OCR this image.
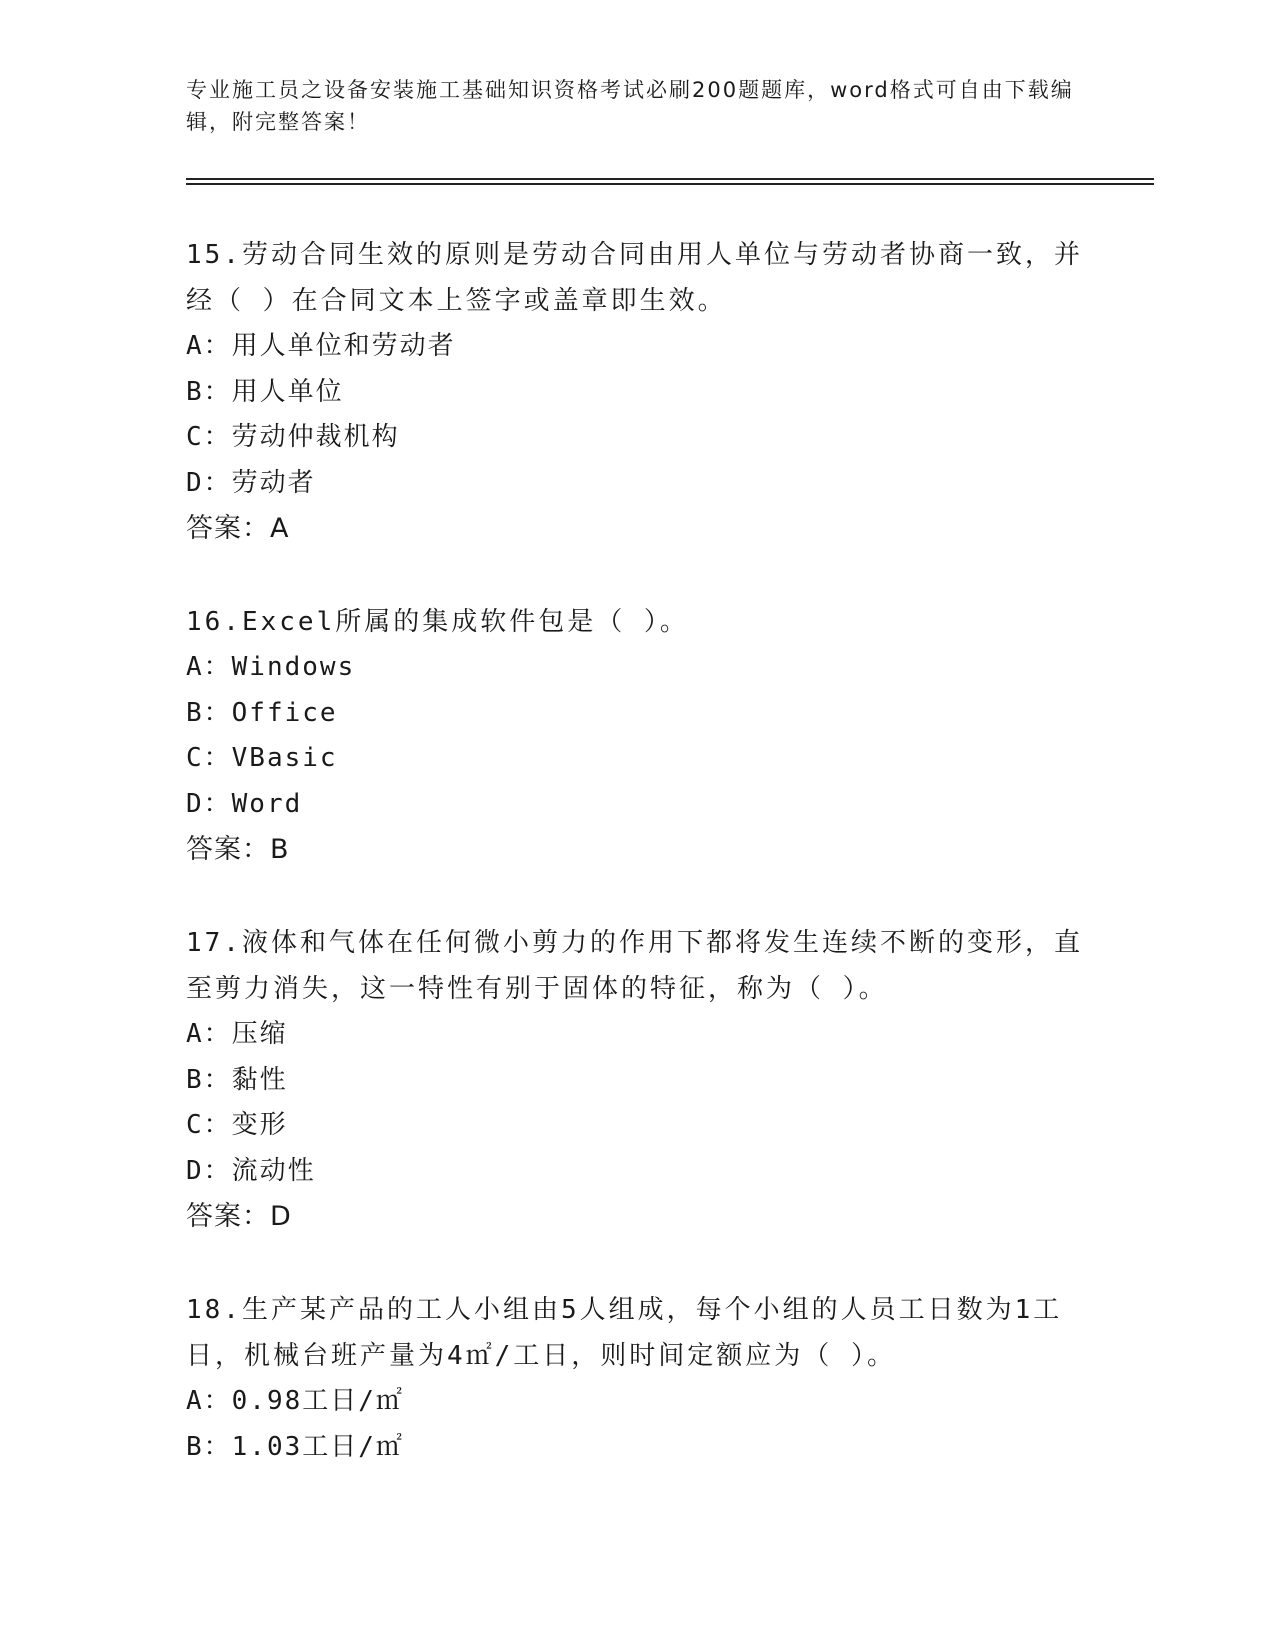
专业施工员之设备安装施工基础知识资格考试必刷200题题库，word格式可自由下载编辑，附完整答案！

15.劳动合同生效的原则是劳动合同由用人单位与劳动者协商一致，并经（ ）在合同文本上签字或盖章即生效。

A：用人单位和劳动者

B：用人单位

C：劳动仲裁机构

D：劳动者

答案：A

16.Excel所属的集成软件包是（ ）。

A：Windows

B：Office

C：VBasic

D：Word

答案：B

17.液体和气体在任何微小剪力的作用下都将发生连续不断的变形，直至剪力消失，这一特性有别于固体的特征，称为（ ）。

A：压缩

B：黏性

C：变形

D：流动性

答案：D

18.生产某产品的工人小组由5人组成，每个小组的人员工日数为1工日，机械台班产量为4㎡/工日，则时间定额应为（ ）。

A：0.98工日/㎡

B：1.03工日/㎡
